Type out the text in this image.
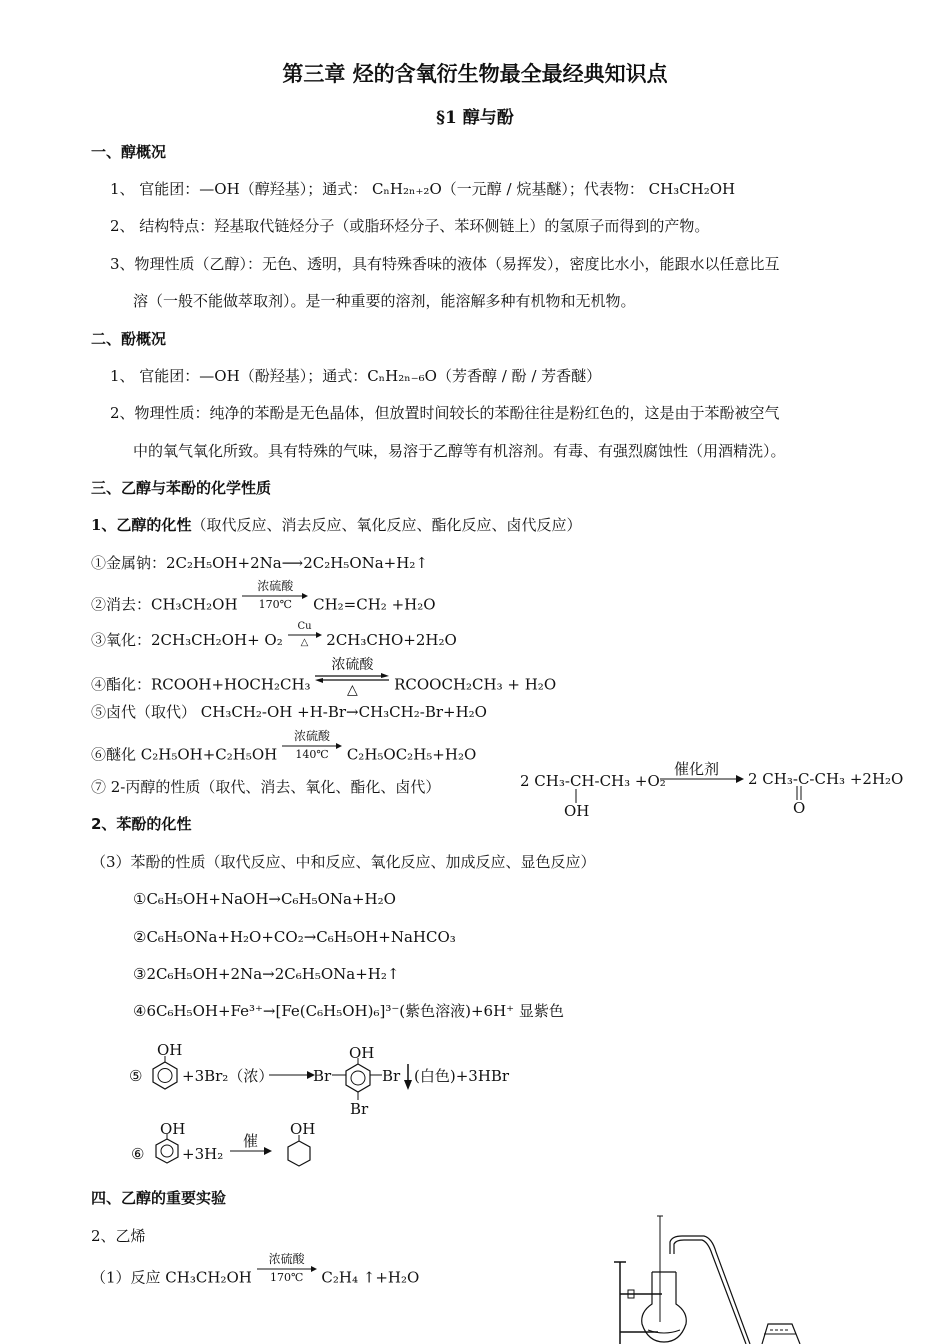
第三章 烃的含氧衍生物最全最经典知识点
§1 醇与酚
一、醇概况
1、 官能团：—OH（醇羟基）；通式： CₙH₂ₙ₊₂O（一元醇 / 烷基醚）；代表物： CH₃CH₂OH
2、 结构特点：羟基取代链烃分子（或脂环烃分子、苯环侧链上）的氢原子而得到的产物。
3、物理性质（乙醇）：无色、透明，具有特殊香味的液体（易挥发），密度比水小，能跟水以任意比互
溶（一般不能做萃取剂）。是一种重要的溶剂，能溶解多种有机物和无机物。
二、酚概况
1、 官能团：—OH（酚羟基）；通式：CₙH₂ₙ₋₆O（芳香醇 / 酚 / 芳香醚）
2、物理性质：纯净的苯酚是无色晶体，但放置时间较长的苯酚往往是粉红色的，这是由于苯酚被空气
中的氧气氧化所致。具有特殊的气味，易溶于乙醇等有机溶剂。有毒、有强烈腐蚀性（用酒精洗）。
三、乙醇与苯酚的化学性质
1、乙醇的化性（取代反应、消去反应、氧化反应、酯化反应、卤代反应）
①金属钠：2C₂H₅OH+2Na⟶2C₂H₅ONa+H₂↑
②消去：CH₃CH₂OH
浓硫酸
170℃	CH₂=CH₂ +H₂O
③氧化：2CH₃CH₂OH+ O₂
Cu
△	2CH₃CHO+2H₂O
④酯化：RCOOH+HOCH₂CH₃
浓硫酸
△	RCOOCH₂CH₃ + H₂O
⑤卤代（取代） CH₃CH₂-OH +H-Br→CH₃CH₂-Br+H₂O
⑥醚化 C₂H₅OH+C₂H₅OH
浓硫酸
140℃	C₂H₅OC₂H₅+H₂O
⑦ 2-丙醇的性质（取代、消去、氧化、酯化、卤代）	2 CH₃-CH-CH₃ +O₂
OH
催化剂
2 CH₃-C-CH₃ +2H₂O
O
2、苯酚的化性
（3）苯酚的性质（取代反应、中和反应、氧化反应、加成反应、显色反应）
①C₆H₅OH+NaOH→C₆H₅ONa+H₂O
②C₆H₅ONa+H₂O+CO₂→C₆H₅OH+NaHCO₃
③2C₆H₅OH+2Na→2C₆H₅ONa+H₂↑
④6C₆H₅OH+Fe³⁺→[Fe(C₆H₅OH)₆]³⁻(紫色溶液)+6H⁺ 显紫色
⑤
OH
+3Br₂（浓）	Br
OH
Br
Br
(白色)+3HBr
⑥
OH
+3H₂
催
OH
四、乙醇的重要实验
2、乙烯
（1）反应 CH₃CH₂OH
浓硫酸
170℃	C₂H₄ ↑+H₂O
